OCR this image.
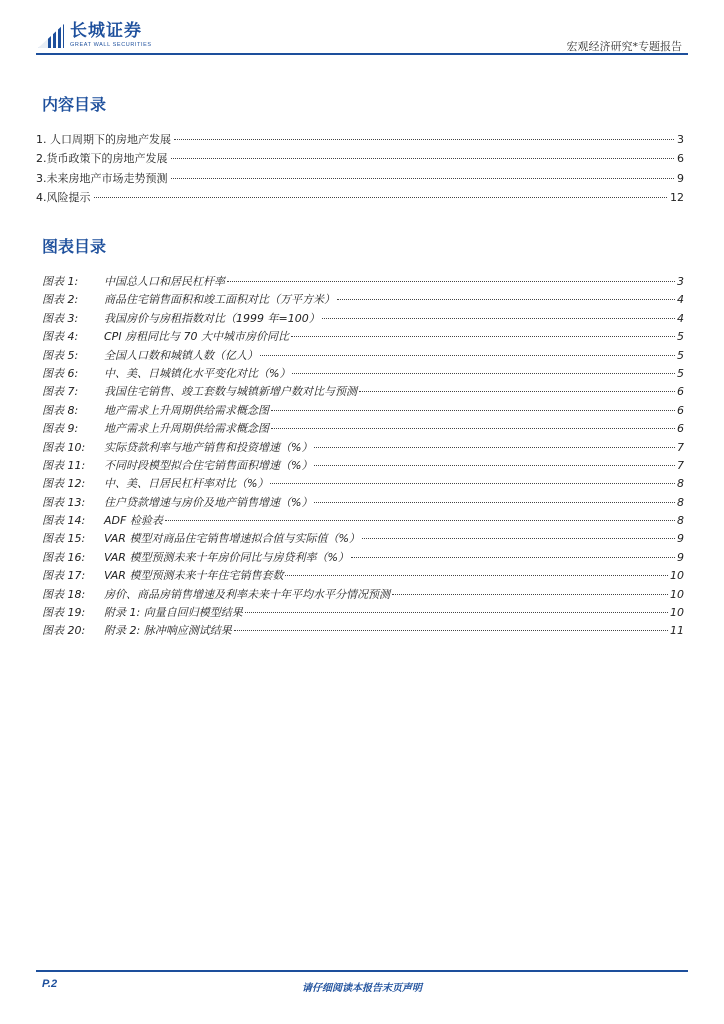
长城证券
GREAT WALL SECURITIES	宏观经济研究*专题报告
内容目录
1. 人口周期下的房地产发展	3
2.货币政策下的房地产发展	6
3.未来房地产市场走势预测	9
4.风险提示	12
图表目录
图表 1:	中国总人口和居民杠杆率	3
图表 2:	商品住宅销售面积和竣工面积对比（万平方米）	4
图表 3:	我国房价与房租指数对比（1999 年=100）	4
图表 4:	CPI 房租同比与 70 大中城市房价同比	5
图表 5:	全国人口数和城镇人数（亿人）	5
图表 6:	中、美、日城镇化水平变化对比（%）	5
图表 7:	我国住宅销售、竣工套数与城镇新增户数对比与预测	6
图表 8:	地产需求上升周期供给需求概念图	6
图表 9:	地产需求上升周期供给需求概念图	6
图表 10:	实际贷款利率与地产销售和投资增速（%）	7
图表 11:	不同时段模型拟合住宅销售面积增速（%）	7
图表 12:	中、美、日居民杠杆率对比（%）	8
图表 13:	住户贷款增速与房价及地产销售增速（%）	8
图表 14:	ADF 检验表	8
图表 15:	VAR 模型对商品住宅销售增速拟合值与实际值（%）	9
图表 16:	VAR 模型预测未来十年房价同比与房贷利率（%）	9
图表 17:	VAR 模型预测未来十年住宅销售套数	10
图表 18:	房价、商品房销售增速及利率未来十年平均水平分情况预测	10
图表 19:	附录 1: 向量自回归模型结果	10
图表 20:	附录 2: 脉冲响应测试结果	11
P.2	请仔细阅读本报告末页声明
